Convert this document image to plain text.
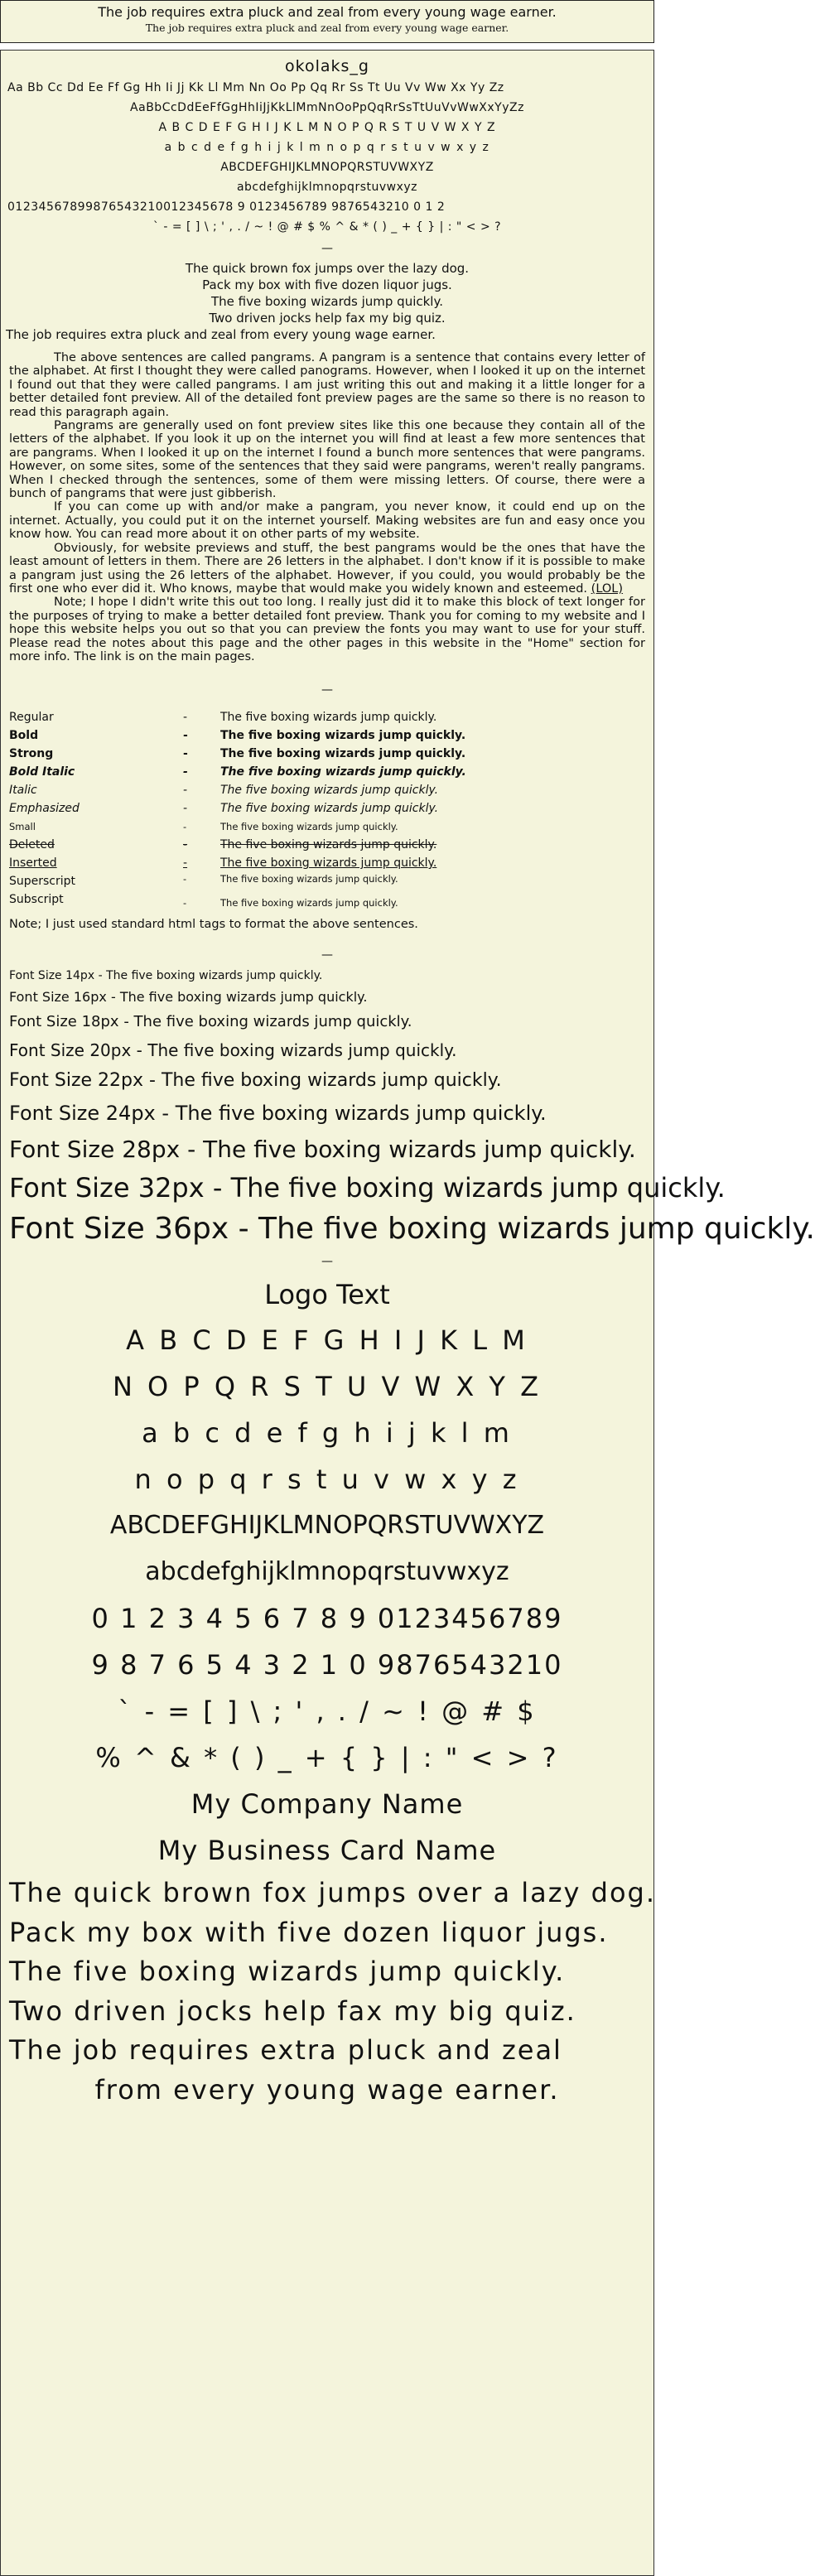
The job requires extra pluck and zeal from every young wage earner.
The job requires extra pluck and zeal from every young wage earner.
okolaks_g
Aa Bb Cc Dd Ee Ff Gg Hh Ii Jj Kk Ll Mm Nn Oo Pp Qq Rr Ss Tt Uu Vv Ww Xx Yy Zz
AaBbCcDdEeFfGgHhIiJjKkLlMmNnOoPpQqRrSsTtUuVvWwXxYyZz
A B C D E F G H I J K L M N O P Q R S T U V W X Y Z
a b c d e f g h i j k l m n o p q r s t u v w x y z
ABCDEFGHIJKLMNOPQRSTUVWXYZ
abcdefghijklmnopqrstuvwxyz
01234567899876543210012345678 9 0123456789 9876543210 0 1 2
` - = [ ] \ ; ' , . / ~ ! @ # $ % ^ & * ( ) _ + { } | : " < > ?
—
The quick brown fox jumps over the lazy dog.
Pack my box with five dozen liquor jugs.
The five boxing wizards jump quickly.
Two driven jocks help fax my big quiz.
The job requires extra pluck and zeal from every young wage earner.

The above sentences are called pangrams. A pangram is a sentence that contains every letter of the alphabet. At first I thought they were called panograms. However, when I looked it up on the internet I found out that they were called pangrams. I am just writing this out and making it a little longer for a better detailed font preview. All of the detailed font preview pages are the same so there is no reason to read this paragraph again.

Pangrams are generally used on font preview sites like this one because they contain all of the letters of the alphabet. If you look it up on the internet you will find at least a few more sentences that are pangrams. When I looked it up on the internet I found a bunch more sentences that were pangrams. However, on some sites, some of the sentences that they said were pangrams, weren't really pangrams. When I checked through the sentences, some of them were missing letters. Of course, there were a bunch of pangrams that were just gibberish.

If you can come up with and/or make a pangram, you never know, it could end up on the internet. Actually, you could put it on the internet yourself. Making websites are fun and easy once you know how. You can read more about it on other parts of my website.

Obviously, for website previews and stuff, the best pangrams would be the ones that have the least amount of letters in them. There are 26 letters in the alphabet. I don't know if it is possible to make a pangram just using the 26 letters of the alphabet. However, if you could, you would probably be the first one who ever did it. Who knows, maybe that would make you widely known and esteemed. (LOL)

Note; I hope I didn't write this out too long. I really just did it to make this block of text longer for the purposes of trying to make a better detailed font preview. Thank you for coming to my website and I hope this website helps you out so that you can preview the fonts you may want to use for your stuff. Please read the notes about this page and the other pages in this website in the "Home" section for more info. The link is on the main pages.

—
Regular	-	The five boxing wizards jump quickly.
Bold	-	The five boxing wizards jump quickly.
Strong	-	The five boxing wizards jump quickly.
Bold Italic	-	The five boxing wizards jump quickly.
Italic	-	The five boxing wizards jump quickly.
Emphasized	-	The five boxing wizards jump quickly.
Small	-	The five boxing wizards jump quickly.
Deleted	-	The five boxing wizards jump quickly.
Inserted	-	The five boxing wizards jump quickly.
Superscript	-	The five boxing wizards jump quickly.
Subscript	-	The five boxing wizards jump quickly.
Note; I just used standard html tags to format the above sentences.
—
Font Size 14px - The five boxing wizards jump quickly.
Font Size 16px - The five boxing wizards jump quickly.
Font Size 18px - The five boxing wizards jump quickly.
Font Size 20px - The five boxing wizards jump quickly.
Font Size 22px - The five boxing wizards jump quickly.
Font Size 24px - The five boxing wizards jump quickly.
Font Size 28px - The five boxing wizards jump quickly.
Font Size 32px - The five boxing wizards jump quickly.
Font Size 36px - The five boxing wizards jump quickly.
—
Logo Text
A B C D E F G H I J K L M
N O P Q R S T U V W X Y Z
a b c d e f g h i j k l m
n o p q r s t u v w x y z
ABCDEFGHIJKLMNOPQRSTUVWXYZ
abcdefghijklmnopqrstuvwxyz
0 1 2 3 4 5 6 7 8 9 0123456789
9 8 7 6 5 4 3 2 1 0 9876543210
` - = [ ] \ ; ' , . / ~ ! @ # $
% ^ & * ( ) _ + { } | : " < > ?
My Company Name
My Business Card Name
The quick brown fox jumps over a lazy dog.
Pack my box with five dozen liquor jugs.
The five boxing wizards jump quickly.
Two driven jocks help fax my big quiz.
The job requires extra pluck and zeal
from every young wage earner.
